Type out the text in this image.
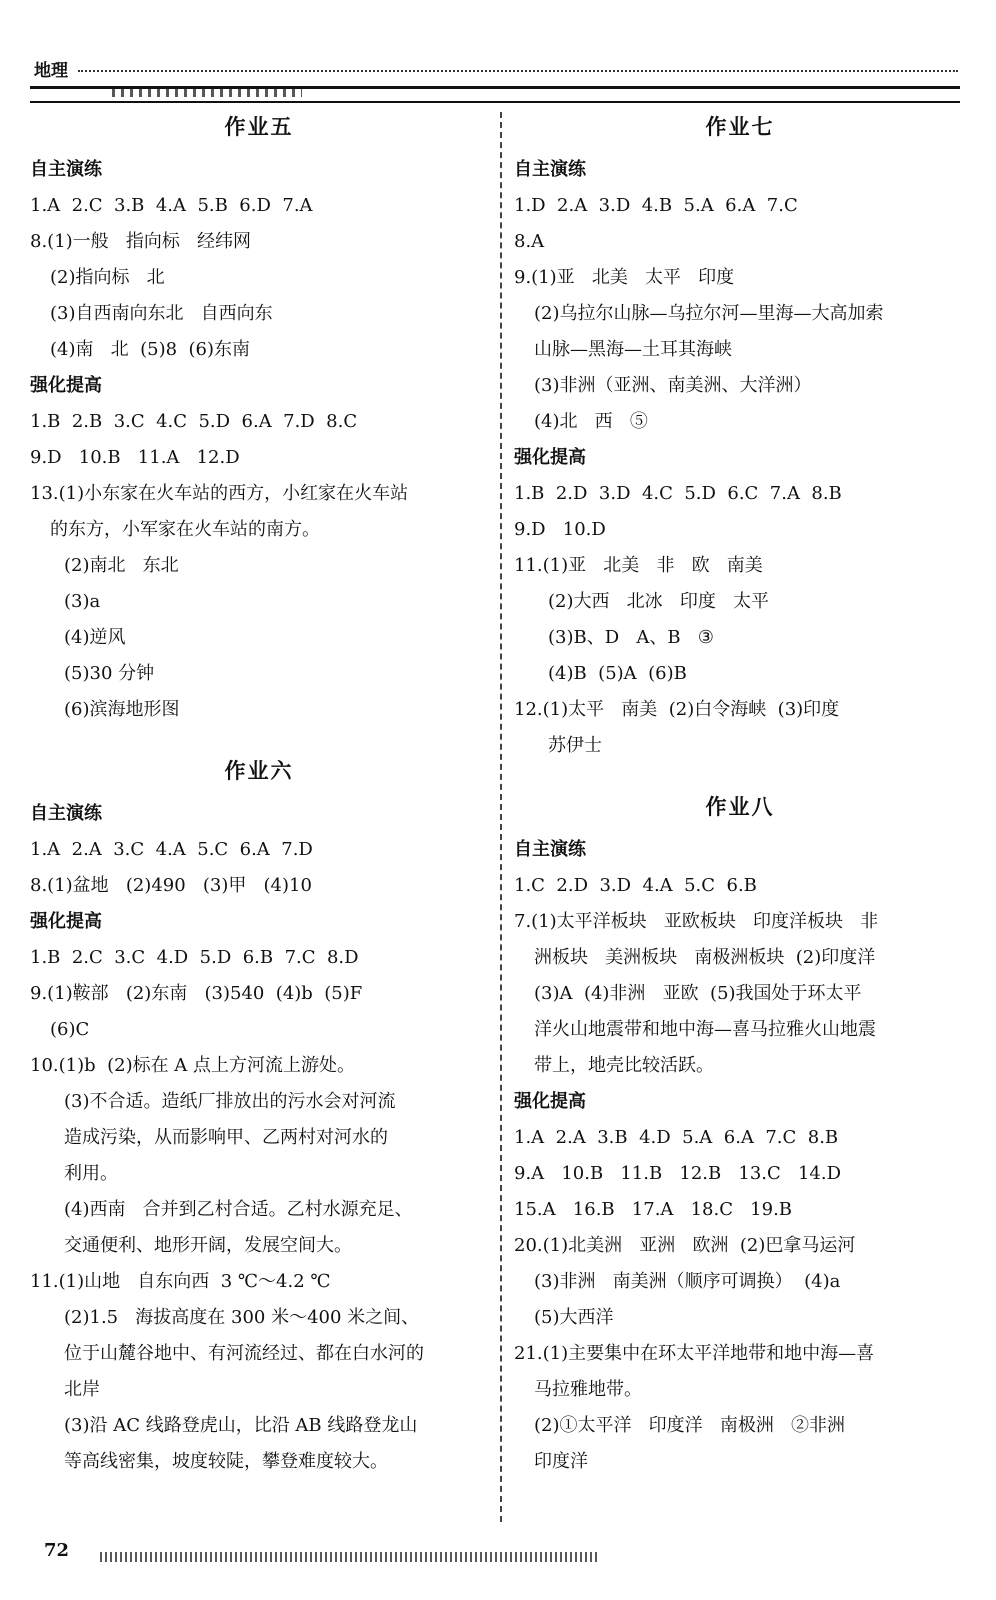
地理
作业五
自主演练
1.A  2.C  3.B  4.A  5.B  6.D  7.A
8.(1)一般   指向标   经纬网
(2)指向标   北
(3)自西南向东北   自西向东
(4)南   北  (5)8  (6)东南
强化提高
1.B  2.B  3.C  4.C  5.D  6.A  7.D  8.C
9.D   10.B   11.A   12.D
13.(1)小东家在火车站的西方，小红家在火车站
的东方，小军家在火车站的南方。
(2)南北   东北
(3)a
(4)逆风
(5)30 分钟
(6)滨海地形图
作业六
自主演练
1.A  2.A  3.C  4.A  5.C  6.A  7.D
8.(1)盆地   (2)490   (3)甲   (4)10
强化提高
1.B  2.C  3.C  4.D  5.D  6.B  7.C  8.D
9.(1)鞍部   (2)东南   (3)540  (4)b  (5)F
(6)C
10.(1)b  (2)标在 A 点上方河流上游处。
(3)不合适。造纸厂排放出的污水会对河流
造成污染，从而影响甲、乙两村对河水的
利用。
(4)西南   合并到乙村合适。乙村水源充足、
交通便利、地形开阔，发展空间大。
11.(1)山地   自东向西  3 ℃～4.2 ℃
(2)1.5   海拔高度在 300 米～400 米之间、
位于山麓谷地中、有河流经过、都在白水河的
北岸
(3)沿 AC 线路登虎山，比沿 AB 线路登龙山
等高线密集，坡度较陡，攀登难度较大。
作业七
自主演练
1.D  2.A  3.D  4.B  5.A  6.A  7.C
8.A
9.(1)亚   北美   太平   印度
(2)乌拉尔山脉—乌拉尔河—里海—大高加索
山脉—黑海—土耳其海峡
(3)非洲（亚洲、南美洲、大洋洲）
(4)北   西   ⑤
强化提高
1.B  2.D  3.D  4.C  5.D  6.C  7.A  8.B
9.D   10.D
11.(1)亚   北美   非   欧   南美
(2)大西   北冰   印度   太平
(3)B、D   A、B   ③
(4)B  (5)A  (6)B
12.(1)太平   南美  (2)白令海峡  (3)印度
苏伊士
作业八
自主演练
1.C  2.D  3.D  4.A  5.C  6.B
7.(1)太平洋板块   亚欧板块   印度洋板块   非
洲板块   美洲板块   南极洲板块  (2)印度洋
(3)A  (4)非洲   亚欧  (5)我国处于环太平
洋火山地震带和地中海—喜马拉雅火山地震
带上，地壳比较活跃。
强化提高
1.A  2.A  3.B  4.D  5.A  6.A  7.C  8.B
9.A   10.B   11.B   12.B   13.C   14.D
15.A   16.B   17.A   18.C   19.B
20.(1)北美洲   亚洲   欧洲  (2)巴拿马运河
(3)非洲   南美洲（顺序可调换）  (4)a
(5)大西洋
21.(1)主要集中在环太平洋地带和地中海—喜
马拉雅地带。
(2)①太平洋   印度洋   南极洲   ②非洲
印度洋
72
